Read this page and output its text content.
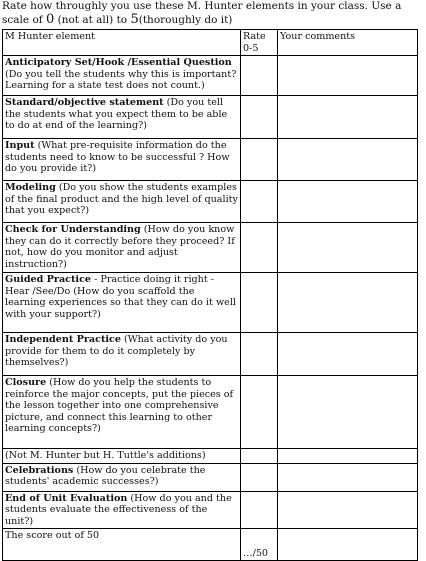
Rate how throughly you use these M. Hunter elements in your class. Use a scale of 0 (not at all) to 5(thoroughly do it)
M Hunter element	Rate 0-5	Your comments
Anticipatory Set/Hook /Essential Question (Do you tell the students why this is important? Learning for a state test does not count.)		
Standard/objective statement (Do you tell the students what you expect them to be able to do at end of the learning?)		
Input (What pre-requisite information do the students need to know to be successful ? How do you provide it?)		
Modeling (Do you show the students examples of the final product and the high level of quality that you expect?)		
Check for Understanding (How do you know they can do it correctly before they proceed? If not, how do you monitor and adjust instruction?)		
Guided Practice - Practice doing it right -Hear /See/Do (How do you scaffold the learning experiences so that they can do it well with your support?)		
Independent Practice (What activity do you provide for them to do it completely by themselves?)		
Closure (How do you help the students to reinforce the major concepts, put the pieces of the lesson together into one comprehensive picture, and connect this learning to other learning concepts?)		
(Not M. Hunter but H. Tuttle's additions)		
Celebrations (How do you celebrate the students' academic successes?)		
End of Unit Evaluation (How do you and the students evaluate the effectiveness of the unit?)		
The score out of 50	…/50	
